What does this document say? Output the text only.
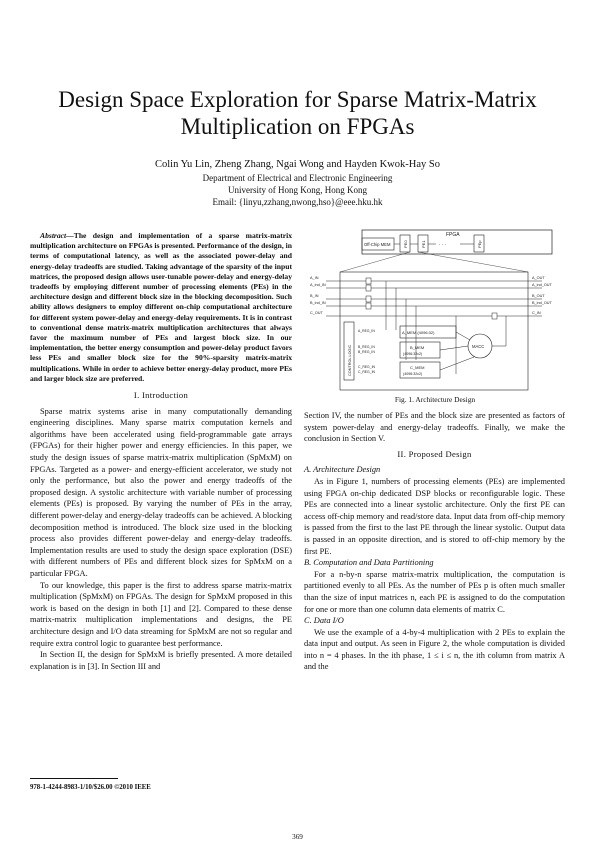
Design Space Exploration for Sparse Matrix-Matrix
Multiplication on FPGAs
Colin Yu Lin, Zheng Zhang, Ngai Wong and Hayden Kwok-Hay So
Department of Electrical and Electronic Engineering
University of Hong Kong, Hong Kong
Email: {linyu,zzhang,nwong,hso}@eee.hku.hk

Abstract—The design and implementation of a sparse matrix-matrix multiplication architecture on FPGAs is presented. Performance of the design, in terms of computational latency, as well as the associated power-delay and energy-delay tradeoffs are studied. Taking advantage of the sparsity of the input matrices, the proposed design allows user-tunable power-delay and energy-delay tradeoffs by employing different number of processing elements (PEs) in the architecture design and different block size in the blocking decomposition. Such ability allows designers to employ different on-chip computational architecture for different system power-delay and energy-delay requirements. It is in contrast to conventional dense matrix-matrix multiplication architectures that always favor the maximum number of PEs and largest block size. In our implementation, the better energy consumption and power-delay product favors less PEs and smaller block size for the 90%-sparsity matrix-matrix multiplications. While in order to achieve better energy-delay product, more PEs and larger block size are preferred.

I. Introduction

Sparse matrix systems arise in many computationally demanding engineering disciplines. Many sparse matrix computation kernels and algorithms have been accelerated using field-programmable gate arrays (FPGAs) for their higher power and energy efficiencies. In this paper, we study the design issues of sparse matrix-matrix multiplication (SpMxM) on FPGAs. Targeted as a power- and energy-efficient accelerator, we study not only the performance, but also the power and energy tradeoffs of the proposed design. A systolic architecture with variable number of processing elements (PEs) is proposed. By varying the number of PEs in the array, different power-delay and energy-delay tradeoffs can be achieved. A blocking decomposition method is introduced. The block size used in the blocking process also provides different power-delay and energy-delay tradeoffs. Implementation results are used to study the design space exploration (DSE) with different numbers of PEs and different block sizes for SpMxM on a particular FPGA.

To our knowledge, this paper is the first to address sparse matrix-matrix multiplication (SpMxM) on FPGAs. The design for SpMxM proposed in this work is based on the design in both [1] and [2]. Compared to these dense matrix-matrix multiplication implementations and designs, the PE architecture design and I/O data streaming for SpMxM are not so regular and require extra control logic to guarantee best performance.

In Section II, the design for SpMxM is briefly presented. A more detailed explanation is in [3]. In Section III and

978-1-4244-8983-1/10/$26.00 ©2010 IEEE
FPGA
Off-Chip MEM	PE0	PE1	. . .	PEp
A_IN
A_ind_IN
B_IN
B_ind_IN
C_OUT
A_OUT
A_ind_OUT
B_OUT
B_ind_OUT
C_IN
CONTROL LOGIC
A_REG_IN
B_REG_IN
B_REG_IN
C_REG_IN
C_REG_IN
A_MEM (4096:32)
B_MEM
(4096:32x2)
C_MEM
(4096:32x2)
MACC
Fig. 1. Architecture Design

Section IV, the number of PEs and the block size are presented as factors of system power-delay and energy-delay tradeoffs. Finally, we make the conclusion in Section V.

II. Proposed Design

A. Architecture Design

As in Figure 1, numbers of processing elements (PEs) are implemented using FPGA on-chip dedicated DSP blocks or reconfigurable logic. These PEs are connected into a linear systolic architecture. Only the first PE can access off-chip memory and read/store data. Input data from off-chip memory is passed from the first to the last PE through the linear systolic. Output data is passed in an opposite direction, and is stored to off-chip memory by the first PE.

B. Computation and Data Partitioning

For a n-by-n sparse matrix-matrix multiplication, the computation is partitioned evenly to all PEs. As the number of PEs p is often much smaller than the size of input matrices n, each PE is assigned to do the computation for one or more than one column data elements of matrix C.

C. Data I/O

We use the example of a 4-by-4 multiplication with 2 PEs to explain the data input and output. As seen in Figure 2, the whole computation is divided into n = 4 phases. In the ith phase, 1 ≤ i ≤ n, the ith column from matrix A and the

369
